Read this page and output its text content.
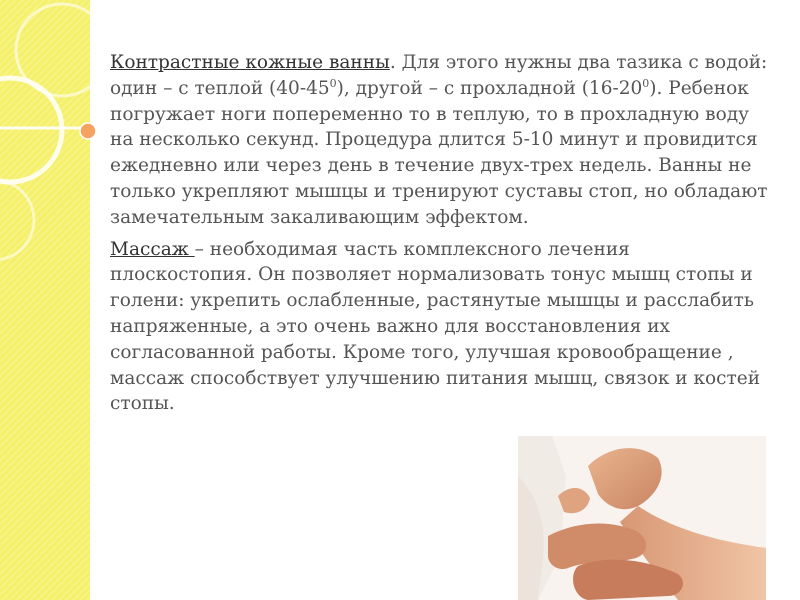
Контрастные кожные ванны. Для этого нужны два тазика с водой: один – с теплой $(40-45^0)$, другой – с прохладной $(16-20^0)$. Ребенок погружает ноги попеременно то в теплую, то в прохладную воду на несколько секунд. Процедура длится 5-10 минут и провидится ежедневно или через день в течение двух-трех недель. Ванны не только укрепляют мышцы и тренируют суставы стоп, но обладают замечательным закаливающим эффектом.

Массаж – необходимая часть комплексного лечения плоскостопия. Он позволяет нормализовать тонус мышц стопы и голени: укрепить ослабленные, растянутые мышцы и расслабить напряженные, а это очень важно для восстановления их согласованной работы. Кроме того, улучшая кровообращение , массаж способствует улучшению питания мышц, связок и костей стопы.
